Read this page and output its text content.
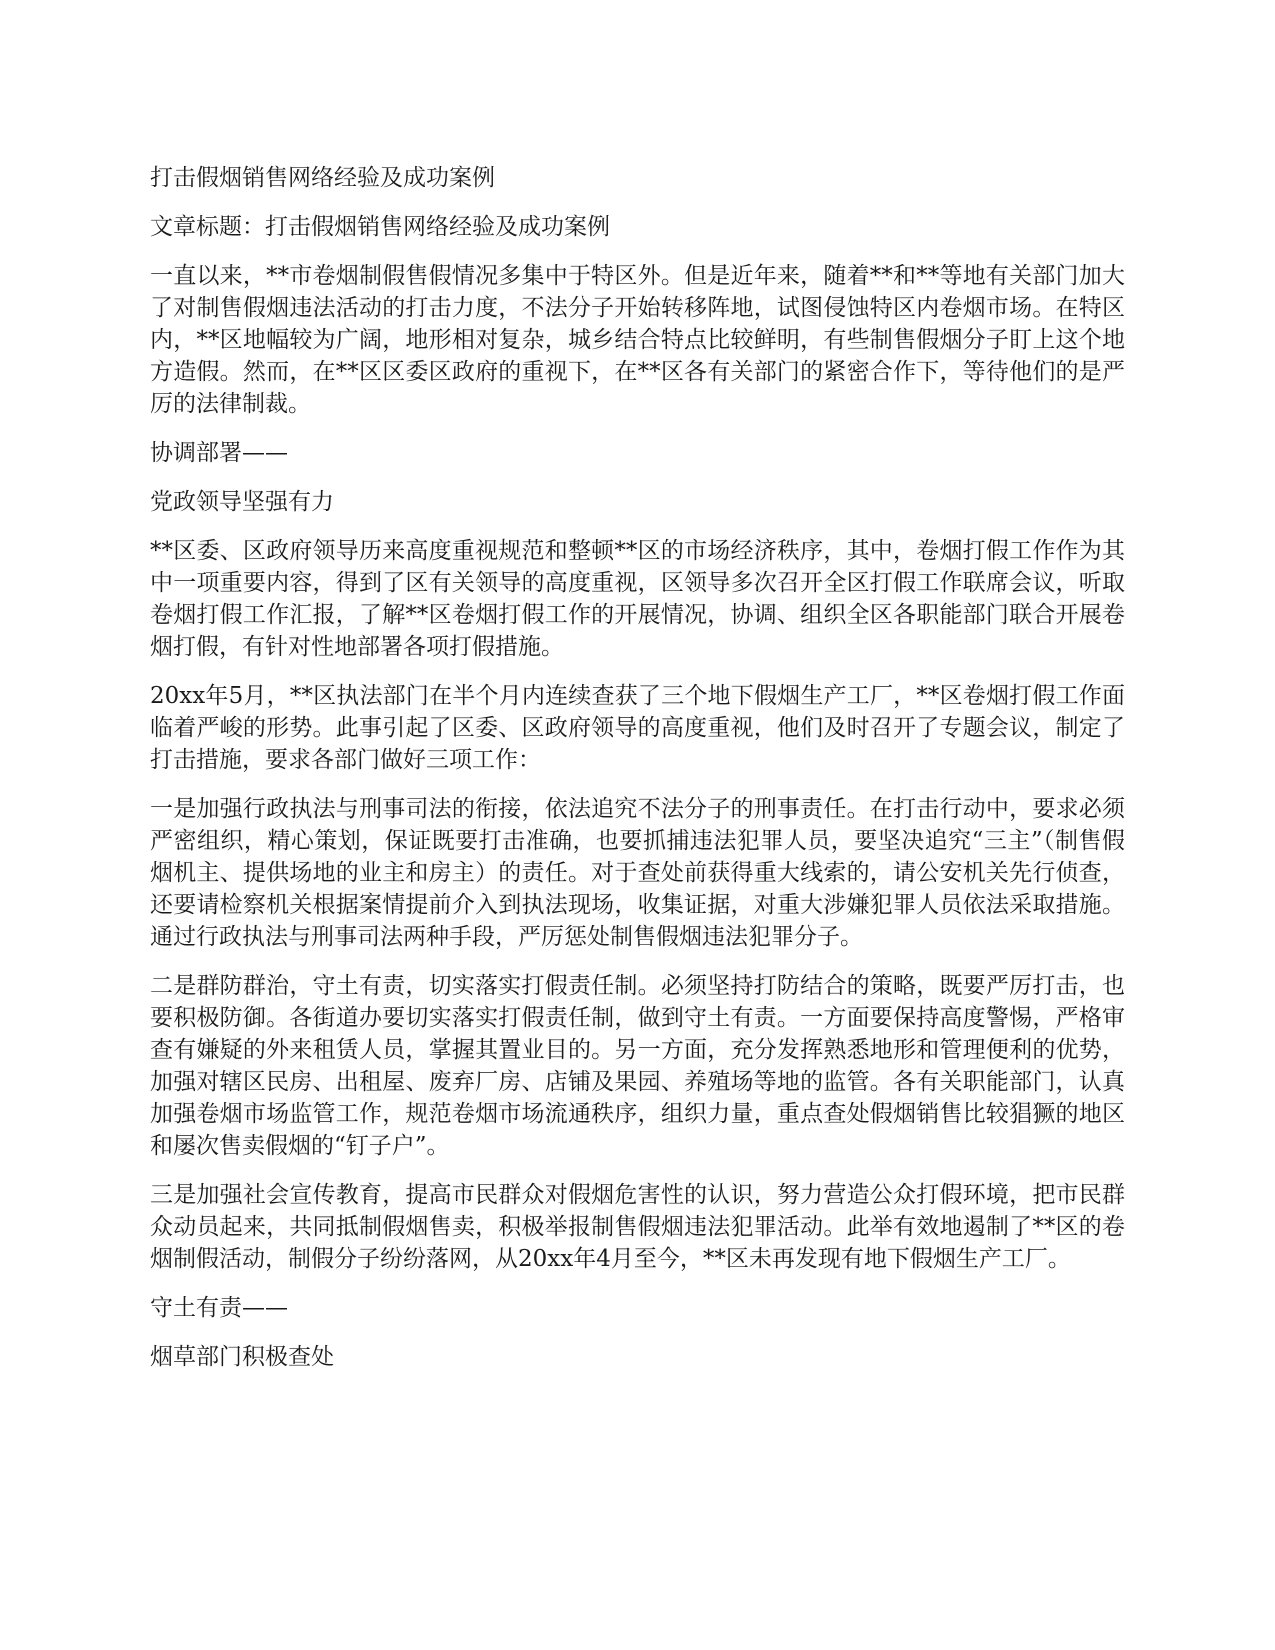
打击假烟销售网络经验及成功案例

文章标题：打击假烟销售网络经验及成功案例

一直以来，**市卷烟制假售假情况多集中于特区外。但是近年来，随着**和**等地有关部门加大了对制售假烟违法活动的打击力度，不法分子开始转移阵地，试图侵蚀特区内卷烟市场。在特区内，**区地幅较为广阔，地形相对复杂，城乡结合特点比较鲜明，有些制售假烟分子盯上这个地方造假。然而，在**区区委区政府的重视下，在**区各有关部门的紧密合作下，等待他们的是严厉的法律制裁。

协调部署——

党政领导坚强有力

**区委、区政府领导历来高度重视规范和整顿**区的市场经济秩序，其中，卷烟打假工作作为其中一项重要内容，得到了区有关领导的高度重视，区领导多次召开全区打假工作联席会议，听取卷烟打假工作汇报，了解**区卷烟打假工作的开展情况，协调、组织全区各职能部门联合开展卷烟打假，有针对性地部署各项打假措施。

20xx年5月，**区执法部门在半个月内连续查获了三个地下假烟生产工厂，**区卷烟打假工作面临着严峻的形势。此事引起了区委、区政府领导的高度重视，他们及时召开了专题会议，制定了打击措施，要求各部门做好三项工作：

一是加强行政执法与刑事司法的衔接，依法追究不法分子的刑事责任。在打击行动中，要求必须严密组织，精心策划，保证既要打击准确，也要抓捕违法犯罪人员，要坚决追究“三主”（制售假烟机主、提供场地的业主和房主）的责任。对于查处前获得重大线索的，请公安机关先行侦查，还要请检察机关根据案情提前介入到执法现场，收集证据，对重大涉嫌犯罪人员依法采取措施。通过行政执法与刑事司法两种手段，严厉惩处制售假烟违法犯罪分子。

二是群防群治，守土有责，切实落实打假责任制。必须坚持打防结合的策略，既要严厉打击，也要积极防御。各街道办要切实落实打假责任制，做到守土有责。一方面要保持高度警惕，严格审查有嫌疑的外来租赁人员，掌握其置业目的。另一方面，充分发挥熟悉地形和管理便利的优势，加强对辖区民房、出租屋、废弃厂房、店铺及果园、养殖场等地的监管。各有关职能部门，认真加强卷烟市场监管工作，规范卷烟市场流通秩序，组织力量，重点查处假烟销售比较猖獗的地区和屡次售卖假烟的“钉子户”。

三是加强社会宣传教育，提高市民群众对假烟危害性的认识，努力营造公众打假环境，把市民群众动员起来，共同抵制假烟售卖，积极举报制售假烟违法犯罪活动。此举有效地遏制了**区的卷烟制假活动，制假分子纷纷落网，从20xx年4月至今，**区未再发现有地下假烟生产工厂。

守土有责——

烟草部门积极查处
